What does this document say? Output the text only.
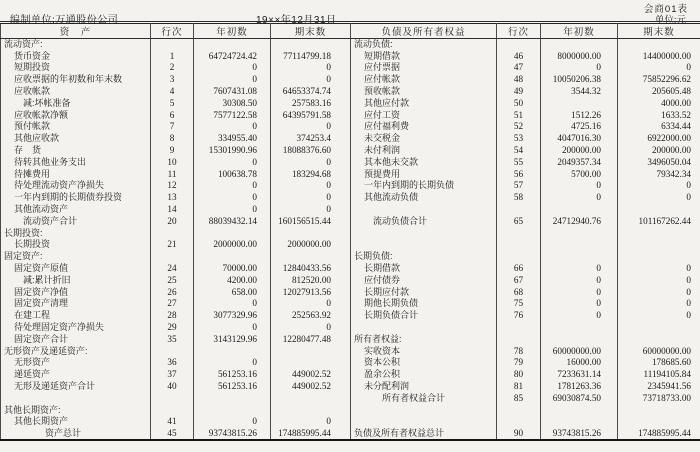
会商01表
编制单位:万通股份公司	19××年12月31日	单位:元
资　产	行次	年初数	期末数	负债及所有者权益	行次	年初数	期末数
流动资产:				流动负债:			
货币资金	1	64724724.42	77114799.18	短期借款	46	8000000.00	14400000.00
短期投资	2	0	0	应付票据	47	0	0
应收票据的年初数和年末数	3	0	0	应付帐款	48	10050206.38	75852296.62
应收帐款	4	7607431.08	64653374.74	预收帐款	49	3544.32	205605.48
减:坏帐准备	5	30308.50	257583.16	其他应付款	50		4000.00
应收帐款净额	6	7577122.58	64395791.58	应付工资	51	1512.26	1633.52
预付帐款	7	0	0	应付福利费	52	4725.16	6334.44
其他应收款	8	334955.40	374253.4	未交税金	53	4047016.30	6922000.00
存　货	9	15301990.96	18088376.60	未付利润	54	200000.00	200000.00
待转其他业务支出	10	0	0	其本他未交款	55	2049357.34	3496050.04
待摊费用	11	100638.78	183294.68	预提费用	56	5700.00	79342.34
待处理流动资产净损失	12	0	0	一年内到期的长期负债	57	0	0
一年内到期的长期债券投资	13	0	0	其他流动负债	58	0	0
其他流动资产	14	0	0				
流动资产合计	20	88039432.14	160156515.44	流动负债合计	65	24712940.76	101167262.44
长期投资:							
长期投资	21	2000000.00	2000000.00				
固定资产:				长期负债:			
固定资产原值	24	70000.00	12840433.56	长期借款	66	0	0
减:累计折旧	25	4200.00	812520.00	应付债券	67	0	0
固定资产净值	26	658.00	12027913.56	长期应付款	68	0	0
固定资产清理	27	0	0	期他长期负债	75	0	0
在建工程	28	3077329.96	252563.92	长期负债合计	76	0	0
待处理固定资产净损失	29	0	0				
固定资产合计	35	3143129.96	12280477.48	所有者权益:			
无形资产及递延资产:				实收资本	78	60000000.00	60000000.00
无形资产	36	0		资本公积	79	16000.00	178685.60
递延资产	37	561253.16	449002.52	盈余公积	80	7233631.14	11194105.84
无形及递延资产合计	40	561253.16	449002.52	未分配利润	81	1781263.36	2345941.56
				所有者权益合计	85	69030874.50	73718733.00
其他长期资产:							
其他长期资产	41	0	0				
资产总计	45	93743815.26	174885995.44	负债及所有者权益总计	90	93743815.26	174885995.44
